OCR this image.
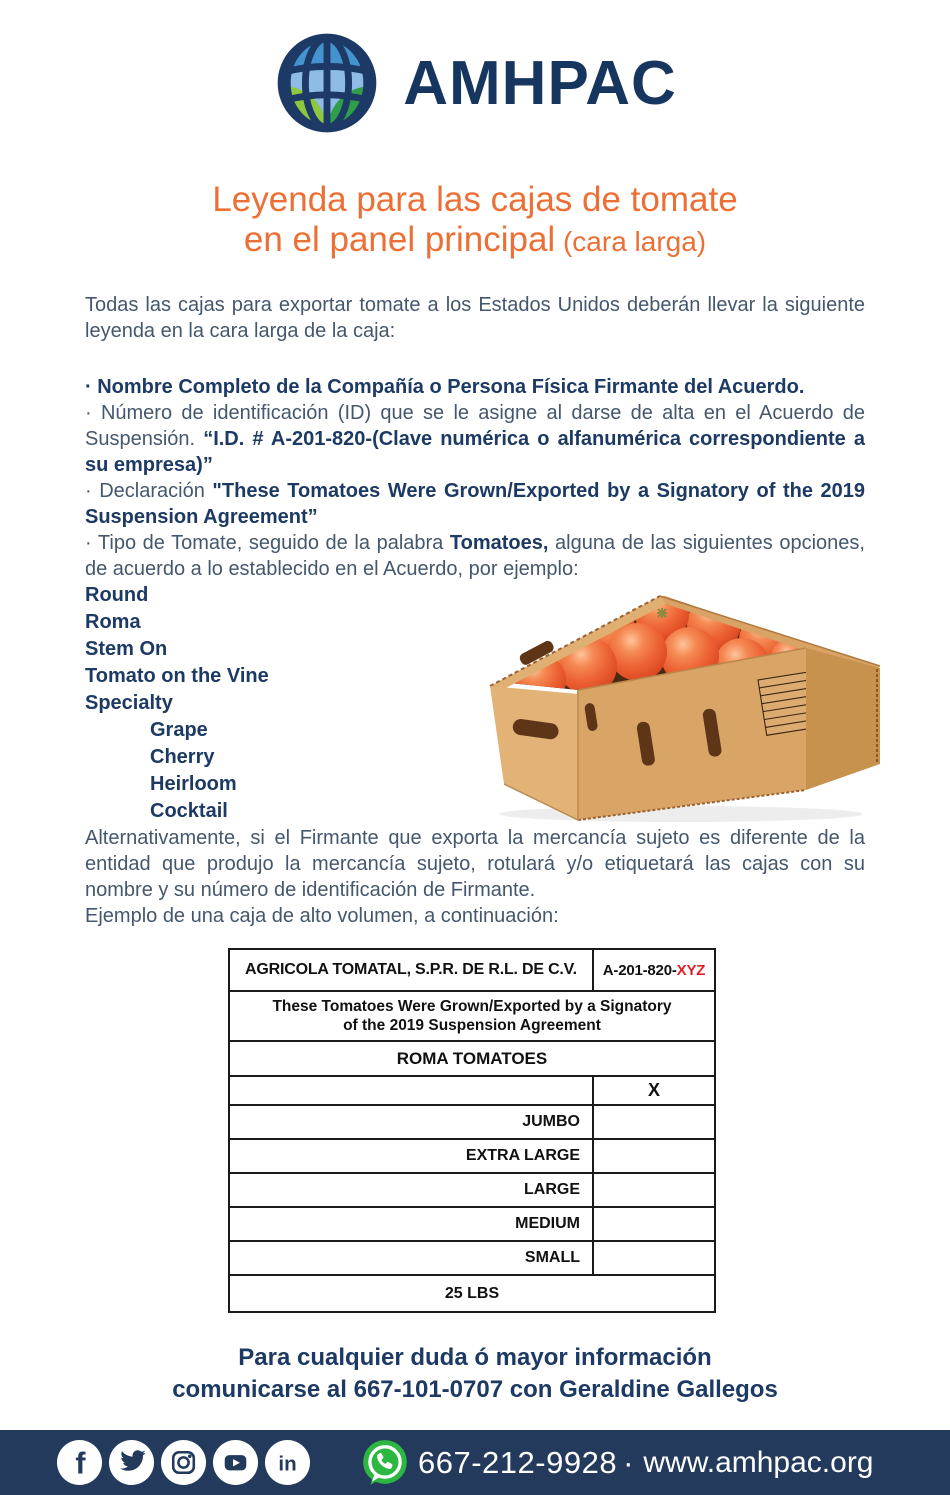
AMHPAC
Leyenda para las cajas de tomate
en el panel principal (cara larga)

Todas las cajas para exportar tomate a los Estados Unidos deberán llevar la siguiente leyenda en la cara larga de la caja:

· Nombre Completo de la Compañía o Persona Física Firmante del Acuerdo.

· Número de identificación (ID) que se le asigne al darse de alta en el Acuerdo de Suspensión. “I.D. # A-201-820-(Clave numérica o alfanumérica correspondiente a su empresa)”

· Declaración "These Tomatoes Were Grown/Exported by a Signatory of the 2019 Suspension Agreement”

· Tipo de Tomate, seguido de la palabra Tomatoes, alguna de las siguientes opciones, de acuerdo a lo establecido en el Acuerdo, por ejemplo:

Round
Roma
Stem On
Tomato on the Vine
Specialty
Grape
Cherry
Heirloom
Cocktail

Alternativamente, si el Firmante que exporta la mercancía sujeto es diferente de la entidad que produjo la mercancía sujeto, rotulará y/o etiquetará las cajas con su nombre y su número de identificación de Firmante.

Ejemplo de una caja de alto volumen, a continuación:

AGRICOLA TOMATAL, S.P.R. DE R.L. DE C.V.	A-201-820-XYZ
These Tomatoes Were Grown/Exported by a Signatory of the 2019 Suspension Agreement	
ROMA TOMATOES	
	X
JUMBO	
EXTRA LARGE	
LARGE	
MEDIUM	
SMALL	
25 LBS	
Para cualquier duda ó mayor información
comunicarse al 667-101-0707 con Geraldine Gallegos
f	in	667-212-9928 · www.amhpac.org
